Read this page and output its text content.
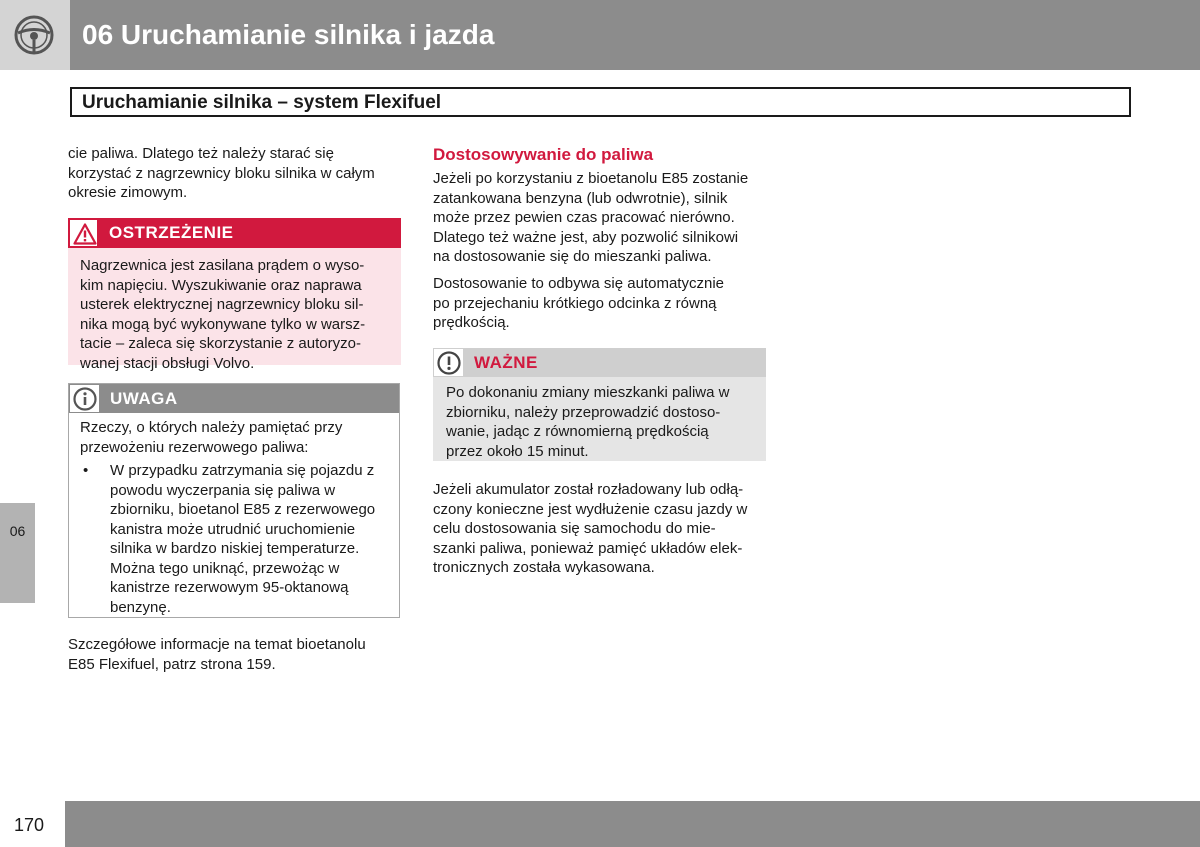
06 Uruchamianie silnika i jazda
Uruchamianie silnika – system Flexifuel

cie paliwa. Dlatego też należy starać się

korzystać z nagrzewnicy bloku silnika w całym

okresie zimowym.

OSTRZEŻENIE

Nagrzewnica jest zasilana prądem o wyso-

kim napięciu. Wyszukiwanie oraz naprawa

usterek elektrycznej nagrzewnicy bloku sil-

nika mogą być wykonywane tylko w warsz-

tacie – zaleca się skorzystanie z autoryzo-

wanej stacji obsługi Volvo.

UWAGA

Rzeczy, o których należy pamiętać przy

przewożeniu rezerwowego paliwa:

• W przypadku zatrzymania się pojazdu z

powodu wyczerpania się paliwa w

zbiorniku, bioetanol E85 z rezerwowego

kanistra może utrudnić uruchomienie

silnika w bardzo niskiej temperaturze.

Można tego uniknąć, przewożąc w

kanistrze rezerwowym 95-oktanową

benzynę.

Szczegółowe informacje na temat bioetanolu

E85 Flexifuel, patrz strona 159.

Dostosowywanie do paliwa

Jeżeli po korzystaniu z bioetanolu E85 zostanie

zatankowana benzyna (lub odwrotnie), silnik

może przez pewien czas pracować nierówno.

Dlatego też ważne jest, aby pozwolić silnikowi

na dostosowanie się do mieszanki paliwa.

Dostosowanie to odbywa się automatycznie

po przejechaniu krótkiego odcinka z równą

prędkością.

WAŻNE

Po dokonaniu zmiany mieszkanki paliwa w

zbiorniku, należy przeprowadzić dostoso-

wanie, jadąc z równomierną prędkością

przez około 15 minut.

Jeżeli akumulator został rozładowany lub odłą-

czony konieczne jest wydłużenie czasu jazdy w

celu dostosowania się samochodu do mie-

szanki paliwa, ponieważ pamięć układów elek-

tronicznych została wykasowana.

06
170
